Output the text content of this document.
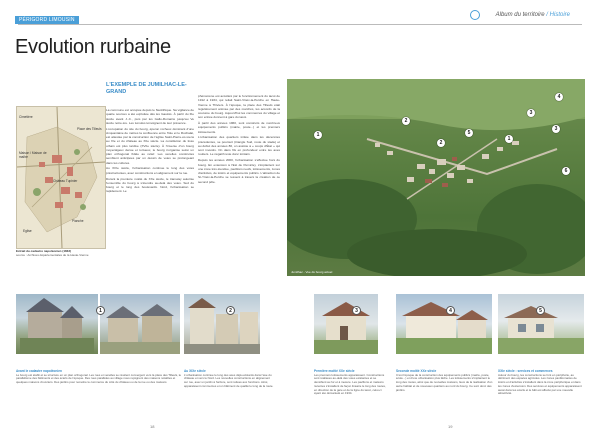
PÉRIGORD LIMOUSIN
Album du territoire / Histoire
Evolution rurbaine
Cimetière
Maison / Maison de maître
Place des Tilleuls
Château Tupinier
Eglise
Planche
Extrait du cadastre napoléonien (1833)
source : Archives départementales de la Haute-Vienne
L'EXEMPLE DE JUMILHAC-LE-GRAND

La commune est occupée depuis le Néolithique. Sa vigilance de quatre sources a été exploitée dès les Gaulois. À partir du IIIe siècle avant J.-C., puis par les Gallo-Romains jusqu'au Ve siècle notre ère. Les tumulus témoignent de leur présence.

L'occupation du site du bourg, éperon rocheux dominant d'une cinquantaine de mètres la confluence entre l'Isle et le Ruchalat, est attestée par la construction de l'église Saint-Pierre-ès-Liens au XIe et du château au XIIe siècle. La constitution du tissu urbain est plus tardive (XVIIe siècle). À l'inverse d'un bourg moyenâgeux dense et tortueux, le bourg s'organise selon un plan orthogonal fidèle au relief. Les venelles construites semblent anticipées par un dessin de voies se prolongeant dans les cultures.

Au XIXe siècle, l'urbanisation continue le long des voies préstructurées, avec constructions en alignement sur la rue.

Durant la première moitié du XXe siècle, le tramway autorise l'ensemble du bourg à s'étendre au-delà des voies. Sud du bourg et le long des boulevards. Nord, l'urbanisation se rapidement. Le

phénomène est accéléré par le fonctionnement du tacot de 1912 à 1934, qui reliait Saint-Vrieix-la-Perche en Haute-Vienne à Thiviers. À l'époque, la place des Tilleuls était régulièrement animée par des marchés, les accords de la coutume du bourg. Aujourd'hui les commerces du village et son entrée donnent à gare du tacot.

À partir des années 1960, sont construits de nombreux équipements publics (mairie, poste...) et les premiers lotissements.

L'urbanisation des quartiers initiée dans les décennies précédentes, se poursuit (triangle Sud, route du stade) et au début des années 80, on assiste à « coups d'État » qui sont investis. On dans fils en profondeur entre les axes routiers. Le négatif reste donc lointain.

Depuis les années 2000, l'urbanisation s'effectue hors du bourg. En extension à l'Est de Pervicle), s'implantent sur une zone très étendue, pavillons neufs, lotissements, zones d'activités, de loisirs et équipements publics. L'attraction de St-Yrieix-la-Perche se ressent à travers la création de ce second pôle.

1
2
3
4
5
1
2
3
6
Jumilhac - Vue du bourg actuel
1
Avant le cadastre napoléonien
Le bourg est établi et se structure en un plan orthogonal. Les rues et venelles se révèlent convergent vers la place des Tilleuls, le parallélisme des bâtiments et des écarts de l'époque. Des rues parallèles au village nous rejoignent des maisons notables et quelques maisons d'ouvriers. Des jardins pour remettre le commerce du côté du château ou de la rue ou des maisons
2
Au XIXe siècle
L'urbanisation continue le long des axes déjà existants dans l'axe du château et vers le Nord. Les nouvelles constructions en alignement sur rue, avec un jardin à l'arrière, sont reliées aux fonctions. Ainsi, apparaissent commerces et un bâtiment de qualité le long de la route.
3
Première moitié XXe siècle
Les premiers lotissements apparaissent. Constructions sont réalisées au-delà des voies existantes et se densifient au fur et à mesure. Les pavillons et maisons récentes s'installent de façon linéaire le long des routes, en direction de la gare et de la ligne du tacot, celui-ci ayant été démantelé en 1934.
4
Seconde moitié XXe siècle
C'est l'époque de la construction des équipements publics (mairie, poste, école...) et d'une urbanisation plus lâche. Les lotissements s'implantent le long des routes, ainsi que de nouvelles maisons, lieux de la réalisation d'un autre habitat et de nouveaux quartiers au nord du bourg. Ce sont donc des jardins.
5
XXIe siècle : services et commerces
Autour du bourg, les constructions se font en périphérie, au détriment des espaces agricoles. Les zones pavillonnaires de loisirs et d'activités s'installent dans la zone périphérique et dans les zones d'extension. Des services et équipements apparaissent aussi dans les écarts et le bâti est affecté par une nouvelle attractivité.
18	19
